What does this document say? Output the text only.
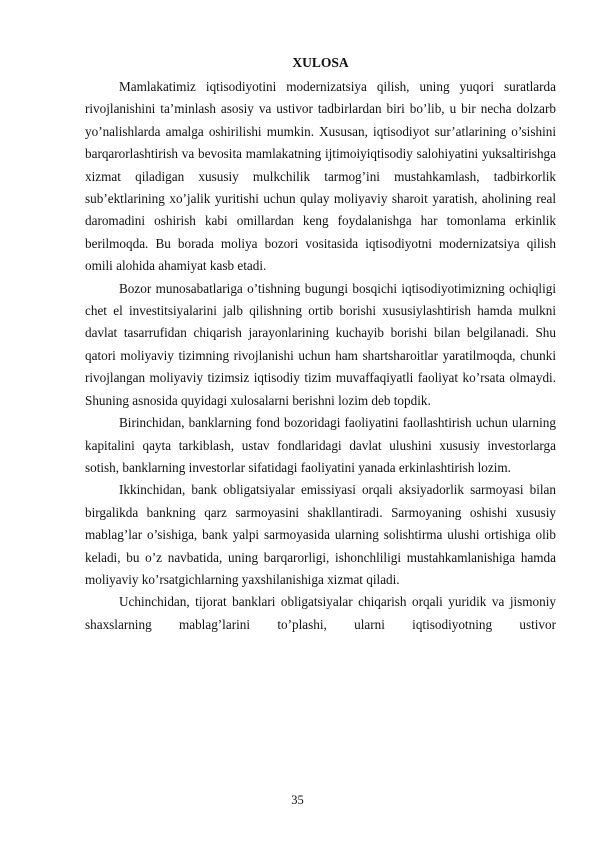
XULOSA

Mamlakatimiz iqtisodiyotini modernizatsiya qilish, uning yuqori suratlarda rivojlanishini ta’minlash asosiy va ustivor tadbirlardan biri bo’lib, u bir necha dolzarb yo’nalishlarda amalga oshirilishi mumkin. Xususan, iqtisodiyot sur’atlarining o’sishini barqarorlashtirish va bevosita mamlakatning ijtimoiyiqtisodiy salohiyatini yuksaltirishga xizmat qiladigan xususiy mulkchilik tarmog’ini mustahkamlash, tadbirkorlik sub’ektlarining xo’jalik yuritishi uchun qulay moliyaviy sharoit yaratish, aholining real daromadini oshirish kabi omillardan keng foydalanishga har tomonlama erkinlik berilmoqda. Bu borada moliya bozori vositasida iqtisodiyotni modernizatsiya qilish omili alohida ahamiyat kasb etadi.

Bozor munosabatlariga o’tishning bugungi bosqichi iqtisodiyotimizning ochiqligi chet el investitsiyalarini jalb qilishning ortib borishi xususiylashtirish hamda mulkni davlat tasarrufidan chiqarish jarayonlarining kuchayib borishi bilan belgilanadi. Shu qatori moliyaviy tizimning rivojlanishi uchun ham shartsharoitlar yaratilmoqda, chunki rivojlangan moliyaviy tizimsiz iqtisodiy tizim muvaffaqiyatli faoliyat ko’rsata olmaydi. Shuning asnosida quyidagi xulosalarni berishni lozim deb topdik.

Birinchidan, banklarning fond bozoridagi faoliyatini faollashtirish uchun ularning kapitalini qayta tarkiblash, ustav fondlaridagi davlat ulushini xususiy investorlarga sotish, banklarning investorlar sifatidagi faoliyatini yanada erkinlashtirish lozim.

Ikkinchidan, bank obligatsiyalar emissiyasi orqali aksiyadorlik sarmoyasi bilan birgalikda bankning qarz sarmoyasini shakllantiradi. Sarmoyaning oshishi xususiy mablag’lar o’sishiga, bank yalpi sarmoyasida ularning solishtirma ulushi ortishiga olib keladi, bu o’z navbatida, uning barqarorligi, ishonchliligi mustahkamlanishiga hamda moliyaviy ko’rsatgichlarning yaxshilanishiga xizmat qiladi.

Uchinchidan, tijorat banklari obligatsiyalar chiqarish orqali yuridik va jismoniy shaxslarning mablag’larini to’plashi, ularni iqtisodiyotning ustivor

35
